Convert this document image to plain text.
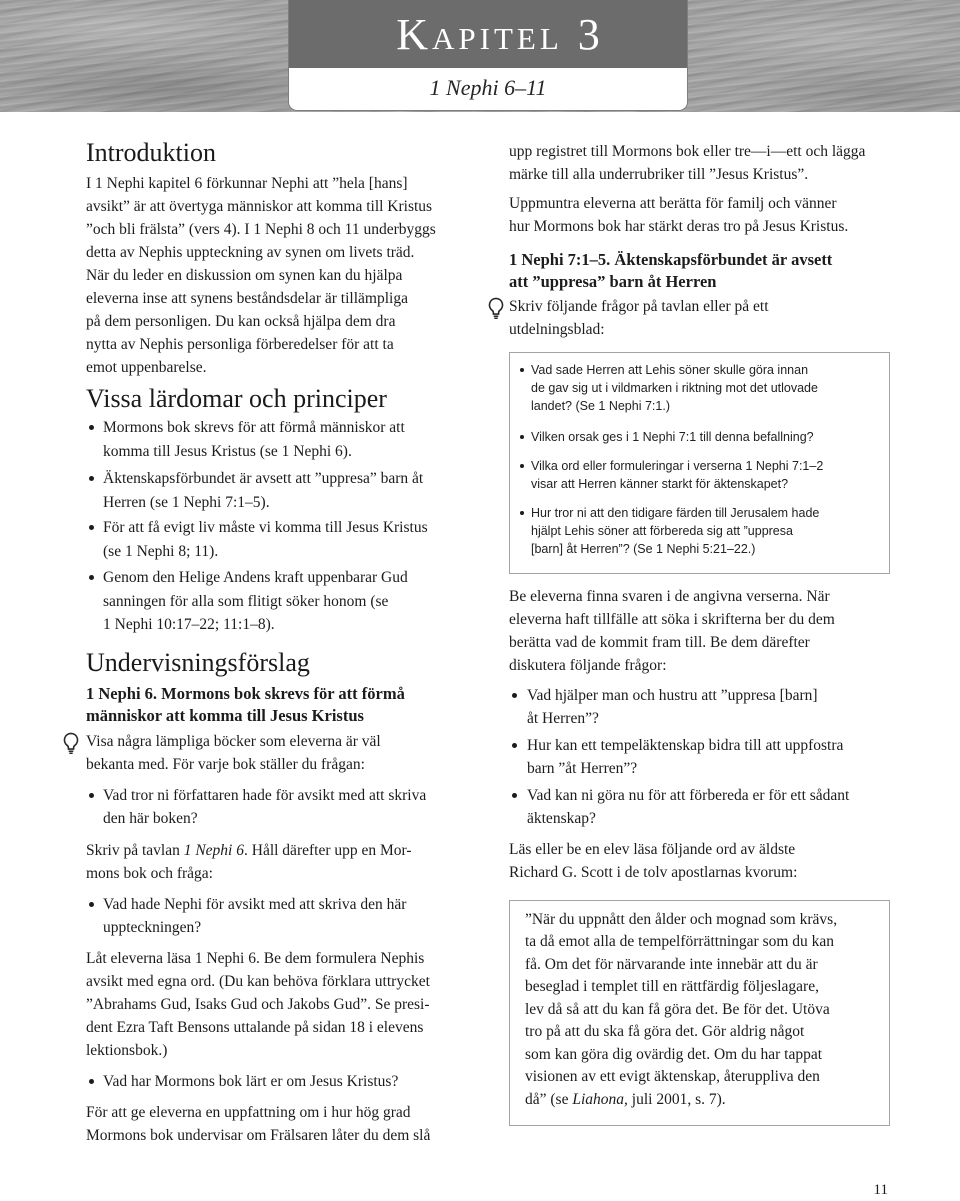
Kapitel 3
1 Nephi 6–11
Introduktion
I 1 Nephi kapitel 6 förkunnar Nephi att ”hela [hans]
avsikt” är att övertyga människor att komma till Kristus
”och bli frälsta” (vers 4). I 1 Nephi 8 och 11 underbyggs
detta av Nephis uppteckning av synen om livets träd.
När du leder en diskussion om synen kan du hjälpa
eleverna inse att synens beståndsdelar är tillämpliga
på dem personligen. Du kan också hjälpa dem dra
nytta av Nephis personliga förberedelser för att ta
emot uppenbarelse.
Vissa lärdomar och principer
Mormons bok skrevs för att förmå människor att
komma till Jesus Kristus (se 1 Nephi 6).
Äktenskapsförbundet är avsett att ”uppresa” barn åt
Herren (se 1 Nephi 7:1–5).
För att få evigt liv måste vi komma till Jesus Kristus
(se 1 Nephi 8; 11).
Genom den Helige Andens kraft uppenbarar Gud
sanningen för alla som flitigt söker honom (se
1 Nephi 10:17–22; 11:1–8).
Undervisningsförslag
1 Nephi 6. Mormons bok skrevs för att förmå
människor att komma till Jesus Kristus
Visa några lämpliga böcker som eleverna är väl
bekanta med. För varje bok ställer du frågan:
Vad tror ni författaren hade för avsikt med att skriva
den här boken?
Skriv på tavlan 1 Nephi 6. Håll därefter upp en Mor-
mons bok och fråga:
Vad hade Nephi för avsikt med att skriva den här
uppteckningen?
Låt eleverna läsa 1 Nephi 6. Be dem formulera Nephis
avsikt med egna ord. (Du kan behöva förklara uttrycket
”Abrahams Gud, Isaks Gud och Jakobs Gud”. Se presi-
dent Ezra Taft Bensons uttalande på sidan 18 i elevens
lektionsbok.)
Vad har Mormons bok lärt er om Jesus Kristus?
För att ge eleverna en uppfattning om i hur hög grad
Mormons bok undervisar om Frälsaren låter du dem slå
upp registret till Mormons bok eller tre—i—ett och lägga
märke till alla underrubriker till ”Jesus Kristus”.
Uppmuntra eleverna att berätta för familj och vänner
hur Mormons bok har stärkt deras tro på Jesus Kristus.
1 Nephi 7:1–5. Äktenskapsförbundet är avsett
att ”uppresa” barn åt Herren
Skriv följande frågor på tavlan eller på ett
utdelningsblad:
Vad sade Herren att Lehis söner skulle göra innan
de gav sig ut i vildmarken i riktning mot det utlovade
landet? (Se 1 Nephi 7:1.)
Vilken orsak ges i 1 Nephi 7:1 till denna befallning?
Vilka ord eller formuleringar i verserna 1 Nephi 7:1–2
visar att Herren känner starkt för äktenskapet?
Hur tror ni att den tidigare färden till Jerusalem hade
hjälpt Lehis söner att förbereda sig att ”uppresa
[barn] åt Herren”? (Se 1 Nephi 5:21–22.)
Be eleverna finna svaren i de angivna verserna. När
eleverna haft tillfälle att söka i skrifterna ber du dem
berätta vad de kommit fram till. Be dem därefter
diskutera följande frågor:
Vad hjälper man och hustru att ”uppresa [barn]
åt Herren”?
Hur kan ett tempeläktenskap bidra till att uppfostra
barn ”åt Herren”?
Vad kan ni göra nu för att förbereda er för ett sådant
äktenskap?
Läs eller be en elev läsa följande ord av äldste
Richard G. Scott i de tolv apostlarnas kvorum:
”När du uppnått den ålder och mognad som krävs,
ta då emot alla de tempelförrättningar som du kan
få. Om det för närvarande inte innebär att du är
beseglad i templet till en rättfärdig följeslagare,
lev då så att du kan få göra det. Be för det. Utöva
tro på att du ska få göra det. Gör aldrig något
som kan göra dig ovärdig det. Om du har tappat
visionen av ett evigt äktenskap, återuppliva den
då” (se Liahona, juli 2001, s. 7).
11
